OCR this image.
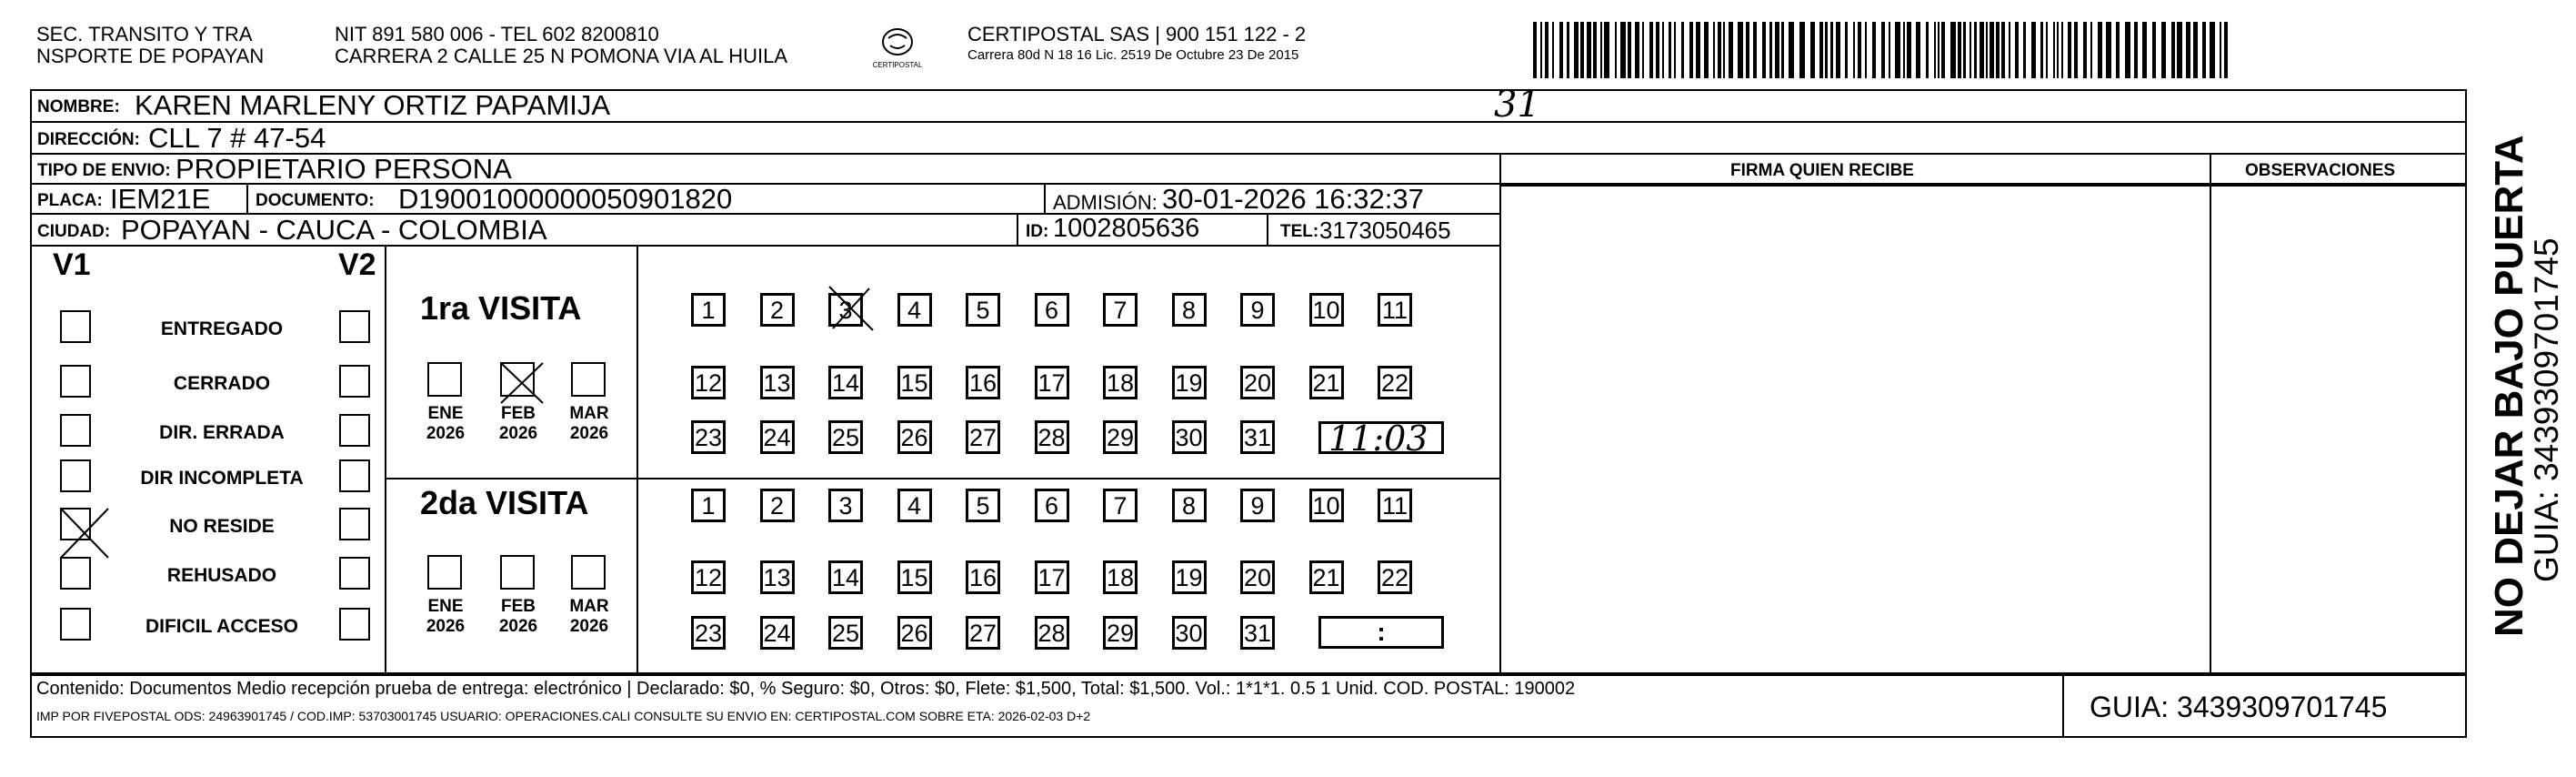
SEC. TRANSITO Y TRA
NSPORTE DE POPAYAN
NIT 891 580 006 - TEL 602 8200810
CARRERA 2 CALLE 25 N POMONA VIA AL HUILA	CERTIPOSTAL
CERTIPOSTAL SAS | 900 151 122 - 2
Carrera 80d N 18 16 Lic. 2519 De Octubre 23 De 2015
NOMBRE: KAREN MARLENY ORTIZ PAPAMIJA	31
DIRECCIÓN: CLL 7 # 47-54
TIPO DE ENVIO: PROPIETARIO PERSONA	FIRMA QUIEN RECIBE	OBSERVACIONES
PLACA: IEM21E	DOCUMENTO: D19001000000050901820	ADMISIÓN: 30-01-2026 16:32:37
CIUDAD: POPAYAN - CAUCA - COLOMBIA	ID: 1002805636	TEL: 3173050465
V1	V2
ENTREGADO
CERRADO
DIR. ERRADA
DIR INCOMPLETA
NO RESIDE
REHUSADO
DIFICIL ACCESO
1ra VISITA
2da VISITA
ENE
2026
FEB
2026
MAR
2026
ENE
2026
FEB
2026
MAR
2026
1	2	3	4	5	6	7	8	9	10 11
12 13 14 15 16 17 18 19 20 21 22
23 24 25 26 27 28 29 30 31
1	2	3	4	5	6	7	8	9	10 11
12 13 14 15 16 17 18 19 20 21 22
23 24 25 26 27 28 29 30 31
11:03
:
Contenido: Documentos Medio recepción prueba de entrega: electrónico | Declarado: $0, % Seguro: $0, Otros: $0, Flete: $1,500, Total: $1,500. Vol.: 1*1*1. 0.5 1 Unid. COD. POSTAL: 190002
IMP POR FIVEPOSTAL ODS: 24963901745 / COD.IMP: 53703001745 USUARIO: OPERACIONES.CALI CONSULTE SU ENVIO EN: CERTIPOSTAL.COM SOBRE ETA: 2026-02-03 D+2	GUIA: 3439309701745
NO DEJAR BAJO PUERTA
GUIA: 3439309701745
